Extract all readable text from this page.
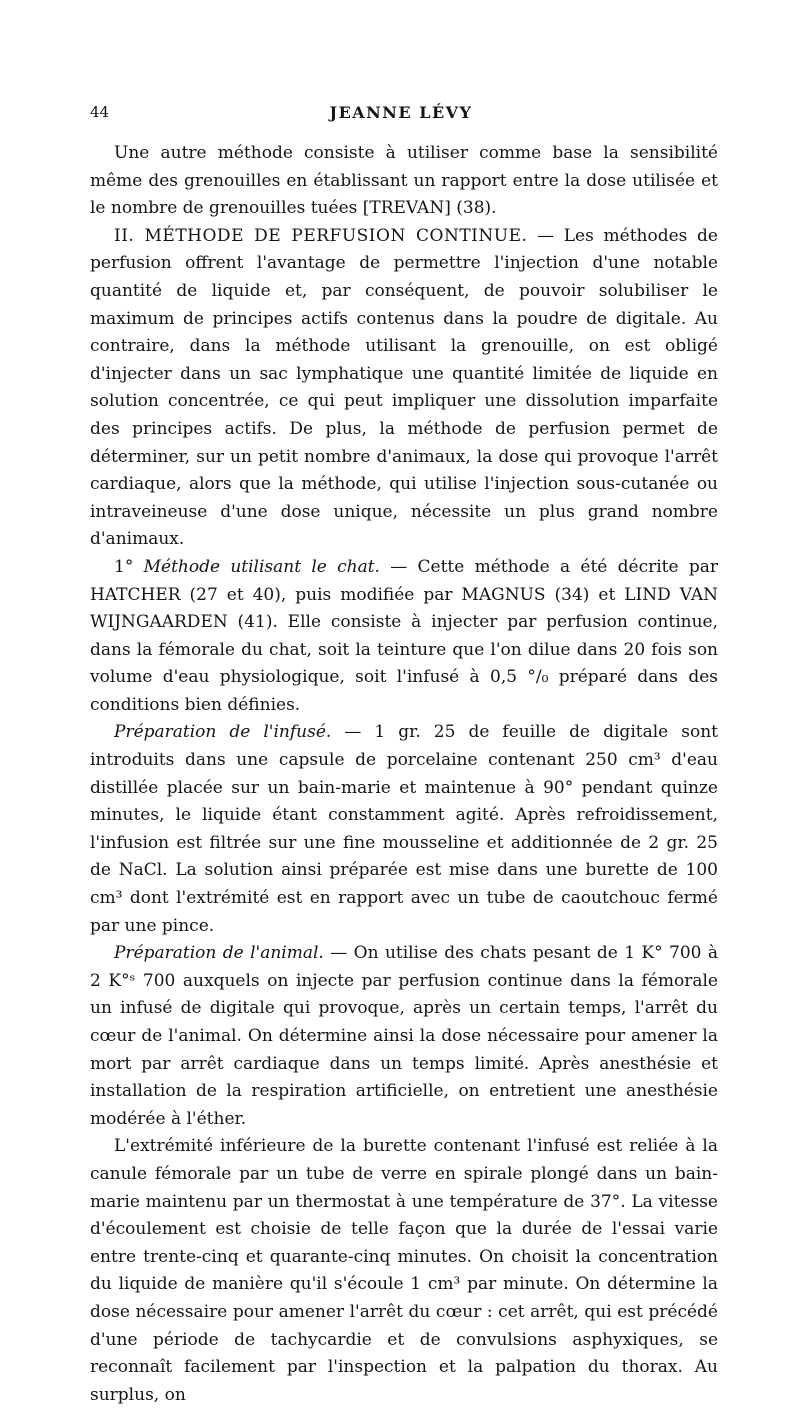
44	JEANNE LÉVY

Une autre méthode consiste à utiliser comme base la sensibilité même des grenouilles en établissant un rapport entre la dose utilisée et le nombre de grenouilles tuées [TREVAN] (38).

II. MÉTHODE DE PERFUSION CONTINUE. — Les méthodes de perfusion offrent l'avantage de permettre l'injection d'une notable quantité de liquide et, par conséquent, de pouvoir solubiliser le maximum de principes actifs contenus dans la poudre de digitale. Au contraire, dans la méthode utilisant la grenouille, on est obligé d'injecter dans un sac lymphatique une quantité limitée de liquide en solution concentrée, ce qui peut impliquer une dissolution imparfaite des principes actifs. De plus, la méthode de perfusion permet de déterminer, sur un petit nombre d'animaux, la dose qui provoque l'arrêt cardiaque, alors que la méthode, qui utilise l'injection sous-cutanée ou intraveineuse d'une dose unique, nécessite un plus grand nombre d'animaux.

1° Méthode utilisant le chat. — Cette méthode a été décrite par HATCHER (27 et 40), puis modifiée par MAGNUS (34) et LIND VAN WIJNGAARDEN (41). Elle consiste à injecter par perfusion continue, dans la fémorale du chat, soit la teinture que l'on dilue dans 20 fois son volume d'eau physiologique, soit l'infusé à 0,5 °/₀ préparé dans des conditions bien définies.

Préparation de l'infusé. — 1 gr. 25 de feuille de digitale sont introduits dans une capsule de porcelaine contenant 250 cm³ d'eau distillée placée sur un bain-marie et maintenue à 90° pendant quinze minutes, le liquide étant constamment agité. Après refroidissement, l'infusion est filtrée sur une fine mousseline et additionnée de 2 gr. 25 de NaCl. La solution ainsi préparée est mise dans une burette de 100 cm³ dont l'extrémité est en rapport avec un tube de caoutchouc fermé par une pince.

Préparation de l'animal. — On utilise des chats pesant de 1 K° 700 à 2 K°ˢ 700 auxquels on injecte par perfusion continue dans la fémorale un infusé de digitale qui provoque, après un certain temps, l'arrêt du cœur de l'animal. On détermine ainsi la dose nécessaire pour amener la mort par arrêt cardiaque dans un temps limité. Après anesthésie et installation de la respiration artificielle, on entretient une anesthésie modérée à l'éther.

L'extrémité inférieure de la burette contenant l'infusé est reliée à la canule fémorale par un tube de verre en spirale plongé dans un bain-marie maintenu par un thermostat à une température de 37°. La vitesse d'écoulement est choisie de telle façon que la durée de l'essai varie entre trente-cinq et quarante-cinq minutes. On choisit la concentration du liquide de manière qu'il s'écoule 1 cm³ par minute. On détermine la dose nécessaire pour amener l'arrêt du cœur : cet arrêt, qui est précédé d'une période de tachycardie et de convulsions asphyxiques, se reconnaît facilement par l'inspection et la palpation du thorax. Au surplus, on
